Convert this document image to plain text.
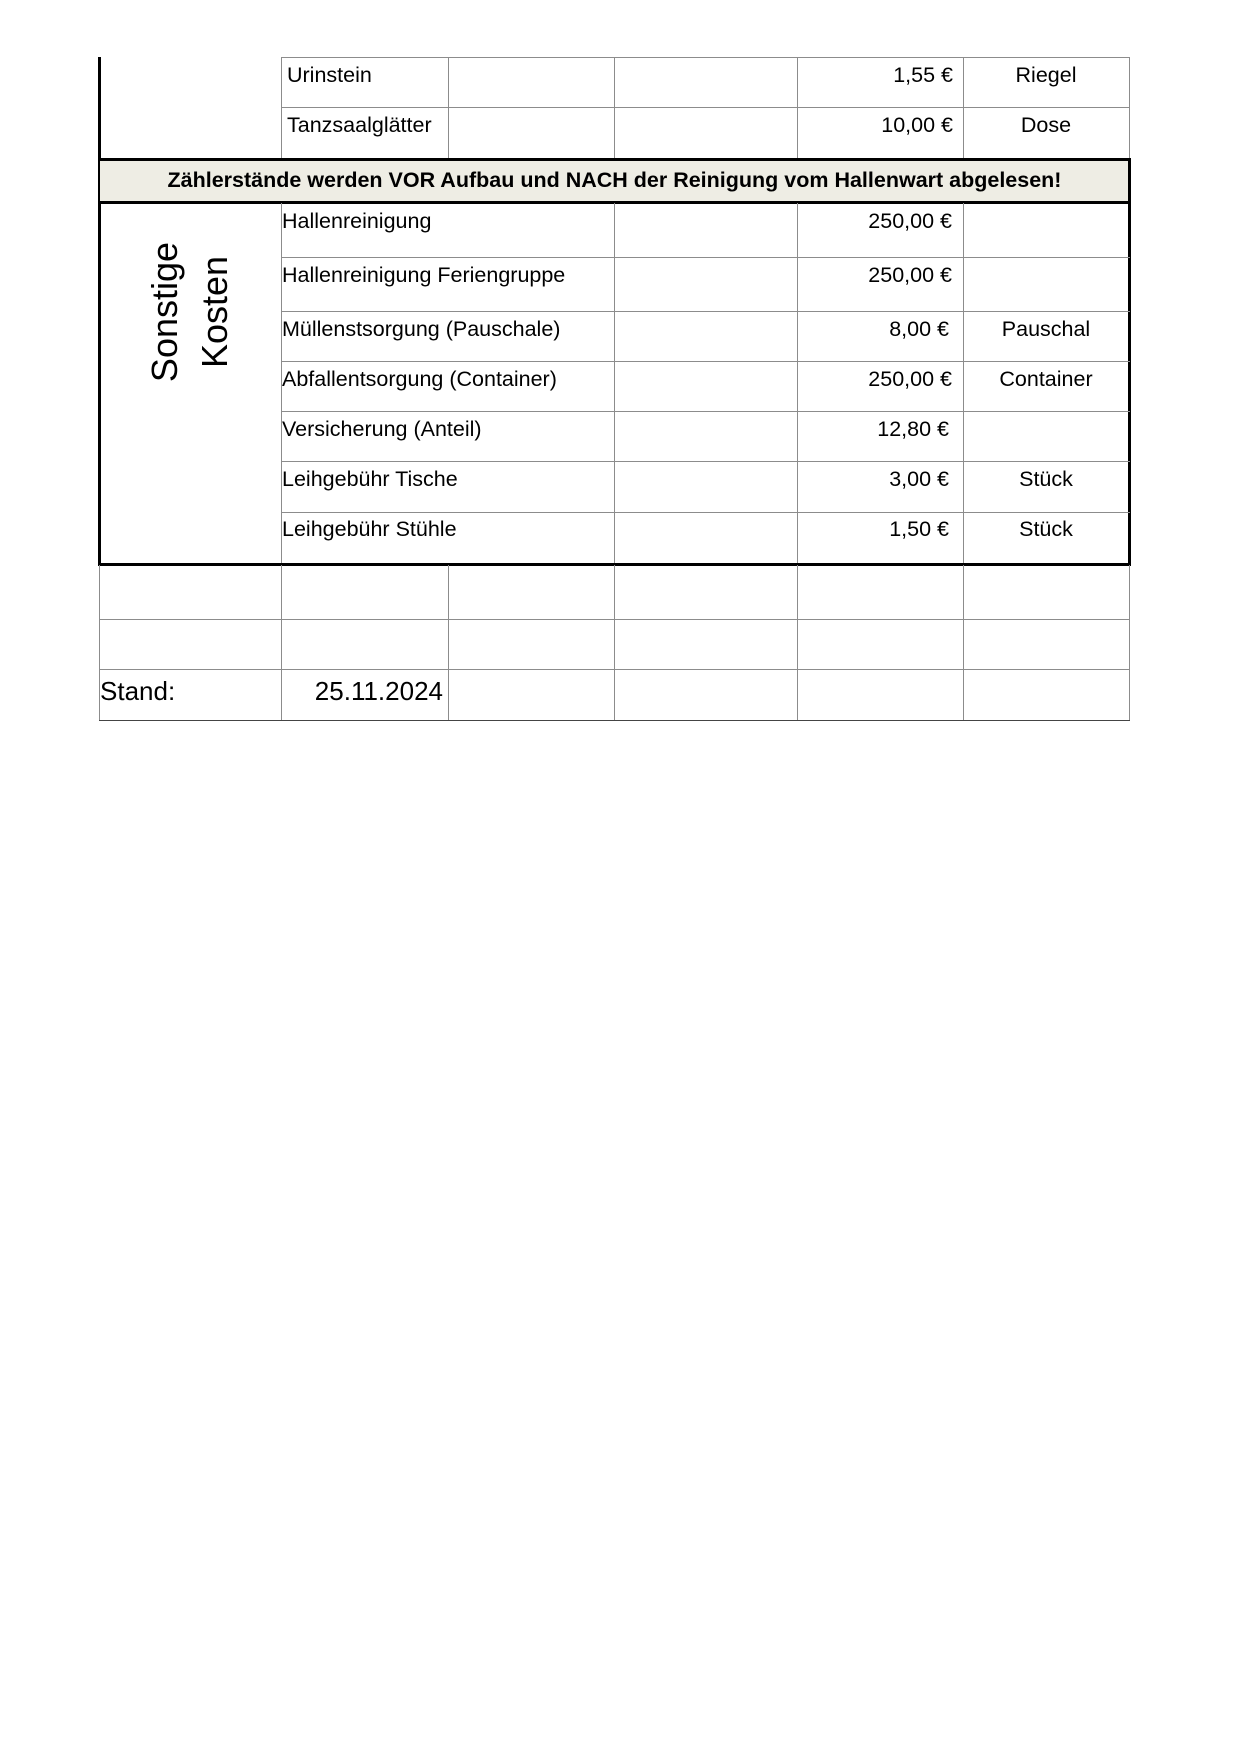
Urinstein	1,55 €	Riegel
Tanzsaalglätter	10,00 €	Dose
Zählerstände werden VOR Aufbau und NACH der Reinigung vom Hallenwart abgelesen!
Sonstige Kosten
Hallenreinigung	250,00 €
Hallenreinigung Feriengruppe	250,00 €
Müllenstsorgung (Pauschale)	8,00 €	Pauschal
Abfallentsorgung (Container)	250,00 €	Container
Versicherung (Anteil)	12,80 €
Leihgebühr Tische	3,00 €	Stück
Leihgebühr Stühle	1,50 €	Stück
Stand:	25.11.2024
